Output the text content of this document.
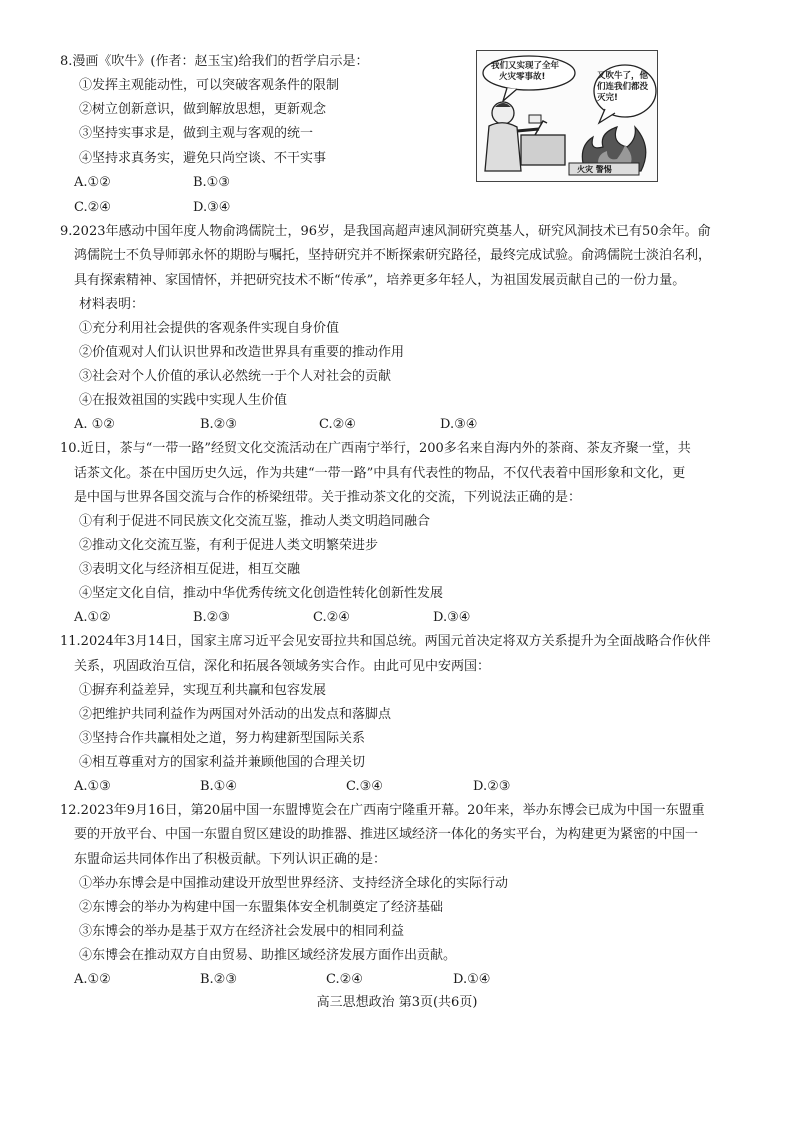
8.漫画《吹牛》(作者：赵玉宝)给我们的哲学启示是：
①发挥主观能动性，可以突破客观条件的限制
②树立创新意识，做到解放思想，更新观念
③坚持实事求是，做到主观与客观的统一
④坚持求真务实，避免只尚空谈、不干实事
A.①②	B.①③
C.②④	D.③④
我们又实现了全年
火灾零事故!	又吹牛了，他
们连我们都没
灭完!
火灾 警惕
9.2023年感动中国年度人物俞鸿儒院士，96岁，是我国高超声速风洞研究奠基人，研究风洞技术已有50余年。俞
鸿儒院士不负导师郭永怀的期盼与嘱托，坚持研究并不断探索研究路径，最终完成试验。俞鸿儒院士淡泊名利，
具有探索精神、家国情怀，并把研究技术不断“传承”，培养更多年轻人，为祖国发展贡献自己的一份力量。
材料表明：
①充分利用社会提供的客观条件实现自身价值
②价值观对人们认识世界和改造世界具有重要的推动作用
③社会对个人价值的承认必然统一于个人对社会的贡献
④在报效祖国的实践中实现人生价值
A. ①②	B.②③	C.②④	D.③④
10.近日，茶与“一带一路”经贸文化交流活动在广西南宁举行，200多名来自海内外的茶商、茶友齐聚一堂，共
话茶文化。茶在中国历史久远，作为共建“一带一路”中具有代表性的物品，不仅代表着中国形象和文化，更
是中国与世界各国交流与合作的桥梁纽带。关于推动茶文化的交流，下列说法正确的是：
①有利于促进不同民族文化交流互鉴，推动人类文明趋同融合
②推动文化交流互鉴，有利于促进人类文明繁荣进步
③表明文化与经济相互促进，相互交融
④坚定文化自信，推动中华优秀传统文化创造性转化创新性发展
A.①②	B.②③	C.②④	D.③④
11.2024年3月14日，国家主席习近平会见安哥拉共和国总统。两国元首决定将双方关系提升为全面战略合作伙伴
关系，巩固政治互信，深化和拓展各领域务实合作。由此可见中安两国：
①摒弃利益差异，实现互利共赢和包容发展
②把维护共同利益作为两国对外活动的出发点和落脚点
③坚持合作共赢相处之道，努力构建新型国际关系
④相互尊重对方的国家利益并兼顾他国的合理关切
A.①③	B.①④	C.③④	D.②③
12.2023年9月16日，第20届中国一东盟博览会在广西南宁隆重开幕。20年来，举办东博会已成为中国一东盟重
要的开放平台、中国一东盟自贸区建设的助推器、推进区域经济一体化的务实平台，为构建更为紧密的中国一
东盟命运共同体作出了积极贡献。下列认识正确的是：
①举办东博会是中国推动建设开放型世界经济、支持经济全球化的实际行动
②东博会的举办为构建中国一东盟集体安全机制奠定了经济基础
③东博会的举办是基于双方在经济社会发展中的相同利益
④东博会在推动双方自由贸易、助推区域经济发展方面作出贡献。
A.①②	B.②③	C.②④	D.①④
高三思想政治 第3页(共6页)
